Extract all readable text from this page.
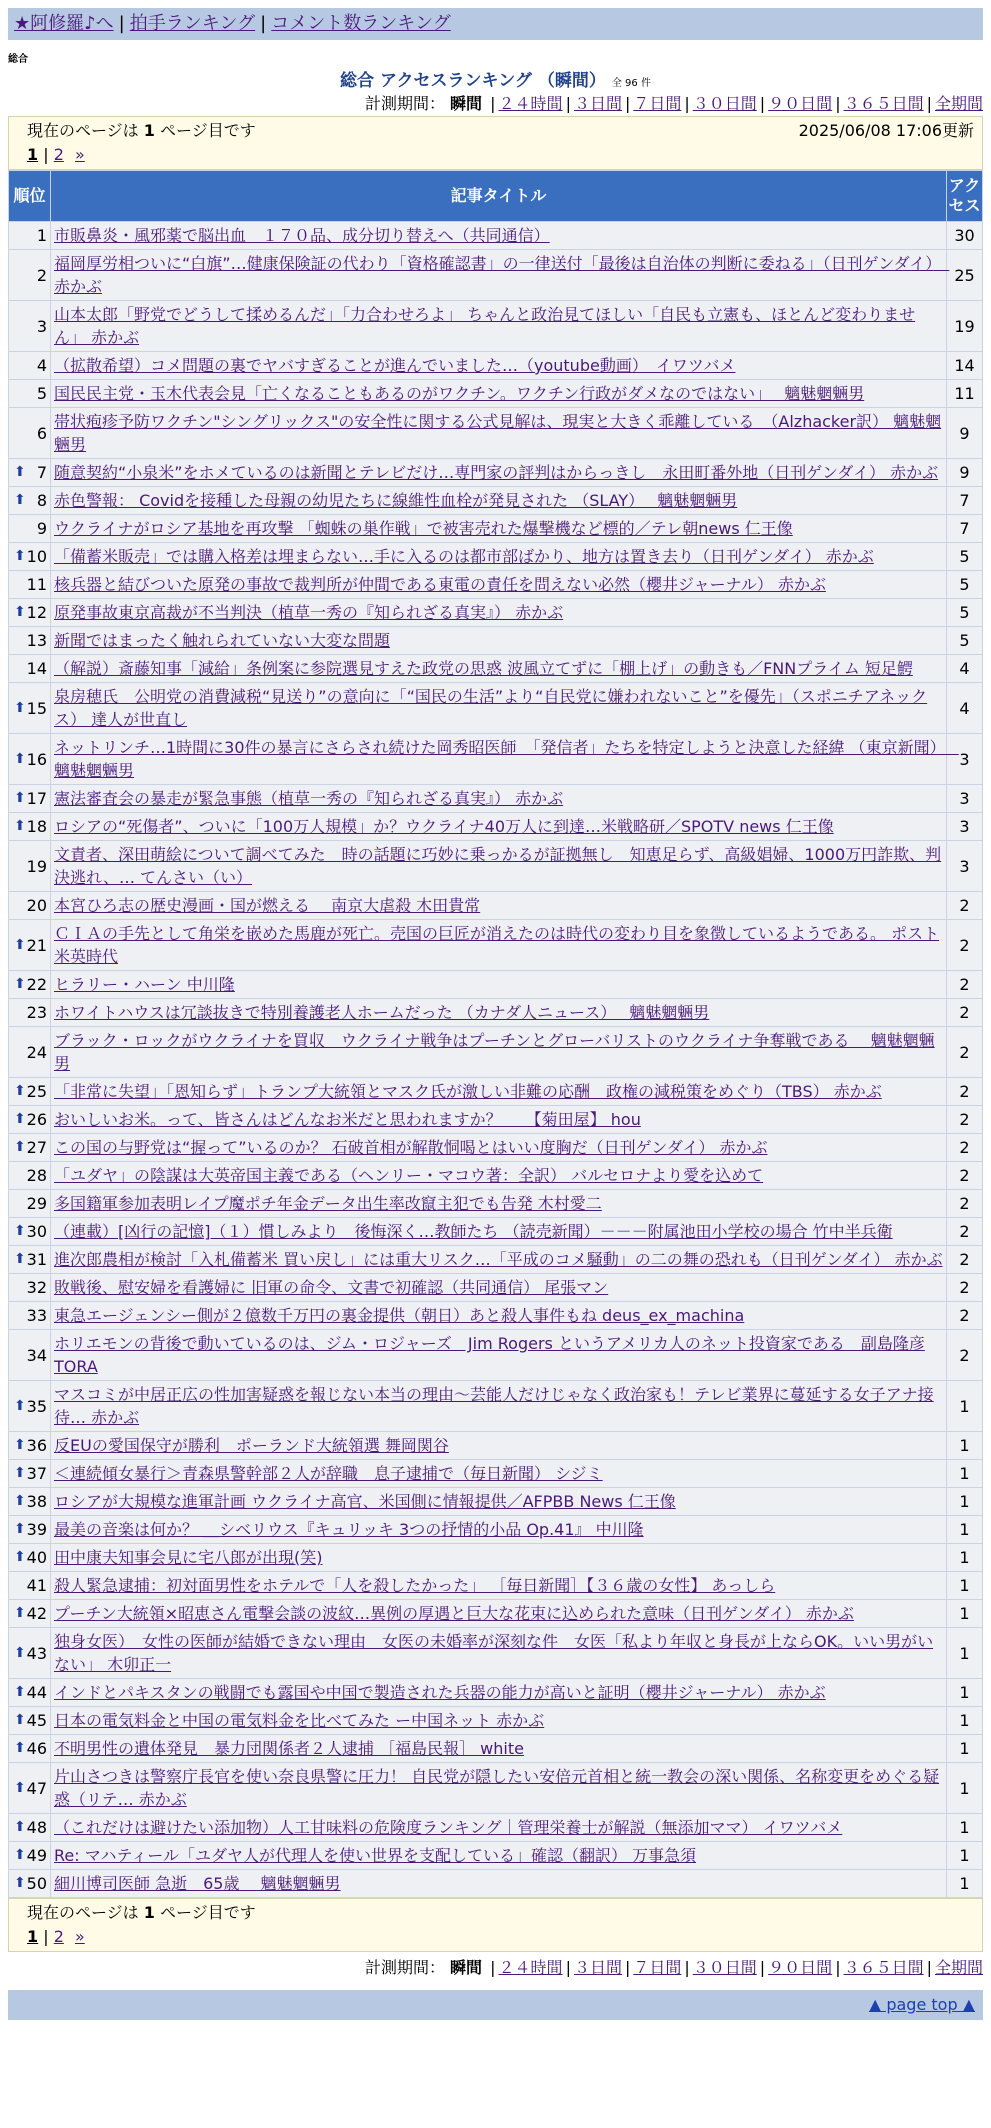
★阿修羅♪へ | 拍手ランキング | コメント数ランキング
総合
総合 アクセスランキング （瞬間） 全 96 件
計測期間： 瞬間 | ２４時間 | ３日間 | ７日間 | ３０日間 | ９０日間 | ３６５日間 | 全期間
現在のページは 1 ページ目です	2025/06/08 17:06更新
1 | 2 »
順位	記事タイトル	アクセス
1	市販鼻炎・風邪薬で脳出血　１７０品、成分切り替えへ（共同通信）	30
2	福岡厚労相ついに“白旗”…健康保険証の代わり「資格確認書」の一律送付「最後は自治体の判断に委ねる」（日刊ゲンダイ）　赤かぶ	25
3	山本太郎「野党でどうして揉めるんだ」「力合わせろよ」 ちゃんと政治見てほしい「自民も立憲も、ほとんど変わりません」 赤かぶ	19
4	（拡散希望）コメ問題の裏でヤバすぎることが進んでいました…（youtube動画）　イワツバメ	14
5	国民民主党・玉木代表会見「亡くなることもあるのがワクチン。ワクチン行政がダメなのではない」　 魑魅魍魎男	11
6	帯状疱疹予防ワクチン"シングリックス"の安全性に関する公式見解は、現実と大きく乖離している　（Alzhacker訳） 魑魅魍魎男	9

⬆ 7	随意契約“小泉米”をホメているのは新聞とテレビだけ…専門家の評判はからっきし　永田町番外地（日刊ゲンダイ） 赤かぶ	9

⬆ 8	赤色警報： Covidを接種した母親の幼児たちに線維性血栓が発見された （SLAY）　 魑魅魍魎男	7
9	ウクライナがロシア基地を再攻撃 「蜘蛛の巣作戦」で被害売れた爆撃機など標的／テレ朝news 仁王像	7

⬆ 10	「備蓄米販売」では購入格差は埋まらない…手に入るのは都市部ばかり、地方は置き去り（日刊ゲンダイ） 赤かぶ	5
11	核兵器と結びついた原発の事故で裁判所が仲間である東電の責任を問えない必然（櫻井ジャーナル） 赤かぶ	5

⬆ 12	原発事故東京高裁が不当判決（植草一秀の『知られざる真実』） 赤かぶ	5
13	新聞ではまったく触れられていない大変な問題	5
14	（解説）斎藤知事「減給」条例案に参院選見すえた政党の思惑 波風立てずに「棚上げ」の動きも／FNNプライム 短足鰐	4

⬆ 15	泉房穂氏　公明党の消費減税“見送り”の意向に「“国民の生活”より“自民党に嫌われないこと”を優先」（スポニチアネックス） 達人が世直し	4

⬆ 16	ネットリンチ…1時間に30件の暴言にさらされ続けた岡秀昭医師　「発信者」たちを特定しようと決意した経緯 （東京新聞）　 魑魅魍魎男	3

⬆ 17	憲法審査会の暴走が緊急事態（植草一秀の『知られざる真実』） 赤かぶ	3

⬆ 18	ロシアの“死傷者”、ついに「100万人規模」か？ウクライナ40万人に到達…米戦略研／SPOTV news 仁王像	3
19	文責者、深田萌絵について調べてみた　時の話題に巧妙に乗っかるが証拠無し　知恵足らず、高級娼婦、1000万円詐欺、判決逃れ、… てんさい（い）	3
20	本宮ひろ志の歴史漫画・国が燃える　 南京大虐殺 木田貴常	2

⬆ 21	ＣＩＡの手先として角栄を嵌めた馬鹿が死亡。売国の巨匠が消えたのは時代の変わり目を象徴しているようである。 ポスト米英時代	2

⬆ 22	ヒラリー・ハーン 中川隆	2
23	ホワイトハウスは冗談抜きで特別養護老人ホームだった （カナダ人ニュース）　 魑魅魍魎男	2
24	ブラック・ロックがウクライナを買収　ウクライナ戦争はプーチンとグローバリストのウクライナ争奪戦である　 魑魅魍魎男	2

⬆ 25	「非常に失望」「恩知らず」トランプ大統領とマスク氏が激しい非難の応酬　政権の減税策をめぐり（TBS） 赤かぶ	2

⬆ 26	おいしいお米。って、皆さんはどんなお米だと思われますか？　　【菊田屋】 hou	2

⬆ 27	この国の与野党は“握って”いるのか？ 石破首相が解散恫喝とはいい度胸だ（日刊ゲンダイ） 赤かぶ	2
28	「ユダヤ」の陰謀は大英帝国主義である（ヘンリー・マコウ著：全訳） バルセロナより愛を込めて	2
29	多国籍軍参加表明レイプ魔ポチ年金データ出生率改竄主犯でも告発 木村愛二	2

⬆ 30	（連載）[凶行の記憶]（１）慣しみより　後悔深く…教師たち （読売新聞）－－－附属池田小学校の場合 竹中半兵衛	2

⬆ 31	進次郎農相が検討「入札備蓄米 買い戻し」には重大リスク…「平成のコメ騒動」の二の舞の恐れも（日刊ゲンダイ） 赤かぶ	2
32	敗戦後、慰安婦を看護婦に 旧軍の命令、文書で初確認（共同通信） 尾張マン	2
33	東急エージェンシー側が２億数千万円の裏金提供（朝日）あと殺人事件もね deus_ex_machina	2
34	ホリエモンの背後で動いているのは、ジム・ロジャーズ　Jim Rogers というアメリカ人のネット投資家である　副島隆彦 TORA	2

⬆ 35	マスコミが中居正広の性加害疑惑を報じない本当の理由〜芸能人だけじゃなく政治家も！テレビ業界に蔓延する女子アナ接待… 赤かぶ	1

⬆ 36	反EUの愛国保守が勝利　ポーランド大統領選 舞岡関谷	1

⬆ 37	＜連続傾女暴行＞青森県警幹部２人が辞職　息子逮捕で（毎日新聞） シジミ	1

⬆ 38	ロシアが大規模な進軍計画 ウクライナ高官、米国側に情報提供／AFPBB News 仁王像	1

⬆ 39	最美の音楽は何か？ ＿シベリウス『キュリッキ 3つの抒情的小品 Op.41』 中川隆	1

⬆ 40	田中康夫知事会見に宅八郎が出現(笑)	1
41	殺人緊急逮捕：初対面男性をホテルで「人を殺したかった」 ［毎日新聞］【３６歳の女性】 あっしら	1

⬆ 42	プーチン大統領×昭恵さん電撃会談の波紋…異例の厚遇と巨大な花束に込められた意味（日刊ゲンダイ） 赤かぶ	1

⬆ 43	独身女医）　女性の医師が結婚できない理由　女医の未婚率が深刻な件　女医「私より年収と身長が上ならOK。いい男がいない」 木卯正一	1

⬆ 44	インドとパキスタンの戦闘でも露国や中国で製造された兵器の能力が高いと証明（櫻井ジャーナル） 赤かぶ	1

⬆ 45	日本の電気料金と中国の電気料金を比べてみた ー中国ネット 赤かぶ	1

⬆ 46	不明男性の遺体発見　暴力団関係者２人逮捕 ［福島民報］ white	1

⬆ 47	片山さつきは警察庁長官を使い奈良県警に圧力！ 自民党が隠したい安倍元首相と統一教会の深い関係、名称変更をめぐる疑惑（リテ… 赤かぶ	1

⬆ 48	（これだけは避けたい添加物）人工甘味料の危険度ランキング｜管理栄養士が解説（無添加ママ） イワツバメ	1

⬆ 49	Re: マハティール「ユダヤ人が代理人を使い世界を支配している」確認（翻訳） 万事急須	1

⬆ 50	細川博司医師 急逝　65歳　 魑魅魍魎男	1
現在のページは 1 ページ目です
1 | 2 »
計測期間： 瞬間 | ２４時間 | ３日間 | ７日間 | ３０日間 | ９０日間 | ３６５日間 | 全期間
▲ page top ▲
